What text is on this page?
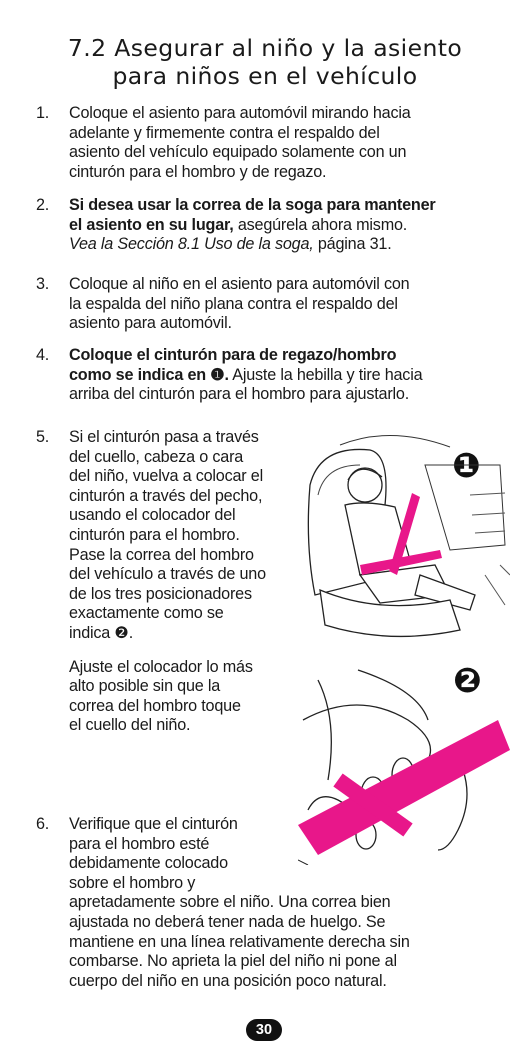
7.2 Asegurar al niño y la asiento
para niños en el vehículo
1. Coloque el asiento para automóvil mirando hacia

adelante y firmemente contra el respaldo del

asiento del vehículo equipado solamente con un

cinturón para el hombro y de regazo.

2. Si desea usar la correa de la soga para mantener

el asiento en su lugar, asegúrela ahora mismo.

Vea la Sección 8.1 Uso de la soga, página 31.

3. Coloque al niño en el asiento para automóvil con

la espalda del niño plana contra el respaldo del

asiento para automóvil.

4. Coloque el cinturón para de regazo/hombro

como se indica en ❶. Ajuste la hebilla y tire hacia

arriba del cinturón para el hombro para ajustarlo.

5. Si el cinturón pasa a través

del cuello, cabeza o cara

del niño, vuelva a colocar el

cinturón a través del pecho,

usando el colocador del

cinturón para el hombro.

Pase la correa del hombro

del vehículo a través de uno

de los tres posicionadores

exactamente como se

indica ❷.

Ajuste el colocador lo más

alto posible sin que la

correa del hombro toque

el cuello del niño.

6. Verifique que el cinturón

para el hombro esté

debidamente colocado

sobre el hombro y

apretadamente sobre el niño. Una correa bien

ajustada no deberá tener nada de huelgo. Se

mantiene en una línea relativamente derecha sin

combarse. No aprieta la piel del niño ni pone al

cuerpo del niño en una posición poco natural.

❶
❷
30
